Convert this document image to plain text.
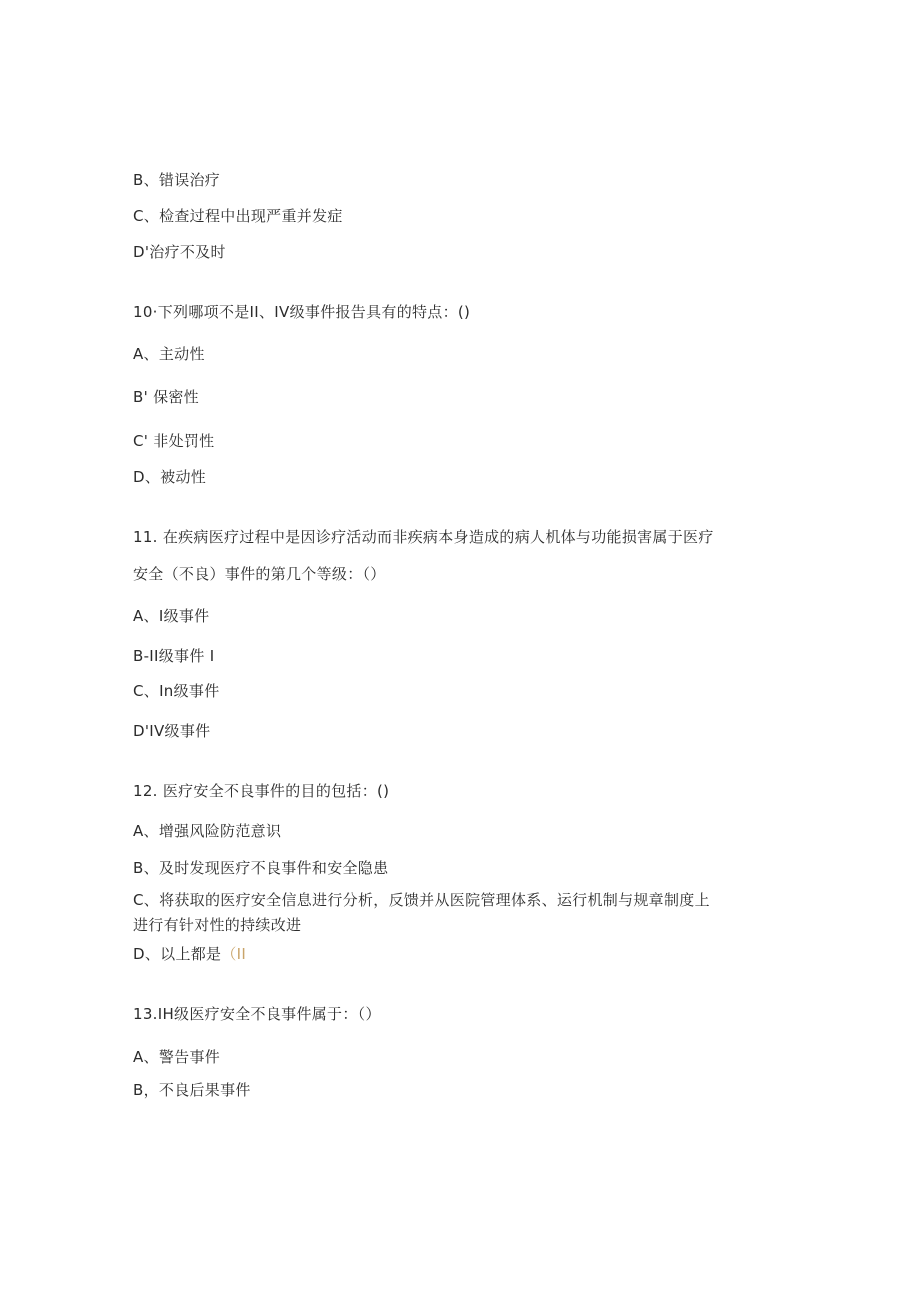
B、错误治疗
C、检查过程中出现严重并发症
D'治疗不及时
10·下列哪项不是II、IV级事件报告具有的特点：()
A、主动性
B' 保密性
C' 非处罚性
D、被动性
11. 在疾病医疗过程中是因诊疗活动而非疾病本身造成的病人机体与功能损害属于医疗
安全（不良）事件的第几个等级：（）
A、I级事件
B-II级事件 I
C、In级事件
D'IV级事件
12. 医疗安全不良事件的目的包括：()
A、增强风险防范意识
B、及时发现医疗不良事件和安全隐患
C、将获取的医疗安全信息进行分析，反馈并从医院管理体系、运行机制与规章制度上
进行有针对性的持续改进
D、以上都是（II
13.IH级医疗安全不良事件属于：（）
A、警告事件
B，不良后果事件
